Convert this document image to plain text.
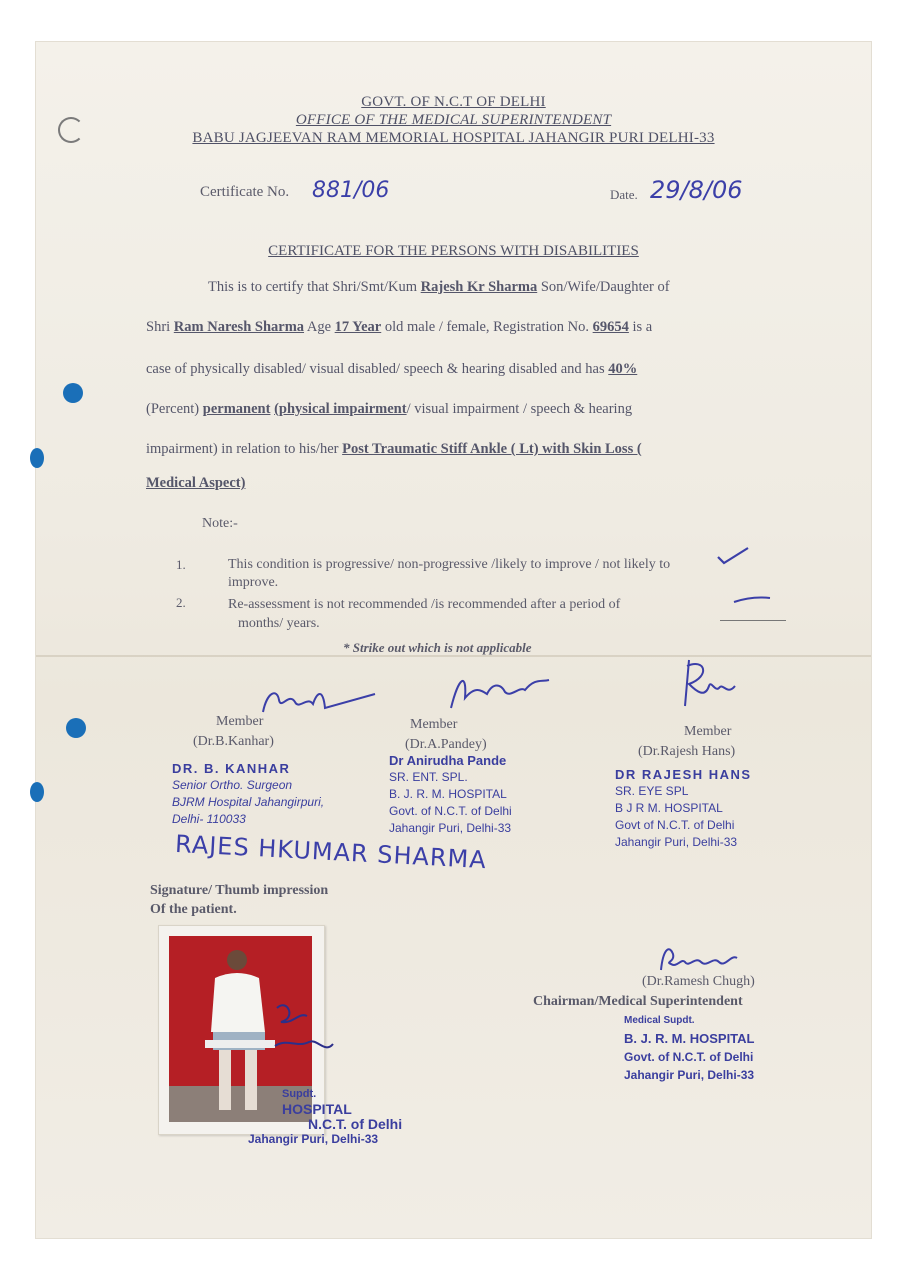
GOVT. OF N.C.T OF DELHI
OFFICE OF THE MEDICAL SUPERINTENDENT
BABU JAGJEEVAN RAM MEMORIAL HOSPITAL JAHANGIR PURI DELHI-33
Certificate No. 881/06	Date. 29/8/06
CERTIFICATE FOR THE PERSONS WITH DISABILITIES
This is to certify that Shri/Smt/Kum Rajesh Kr Sharma Son/Wife/Daughter of
Shri Ram Naresh Sharma Age 17 Year old male / female, Registration No. 69654 is a
case of physically disabled/ visual disabled/ speech & hearing disabled and has 40%
(Percent) permanent (physical impairment/ visual impairment / speech & hearing
impairment) in relation to his/her Post Traumatic Stiff Ankle ( Lt) with Skin Loss (
Medical Aspect)
Note:-
1.	This condition is progressive/ non-progressive /likely to improve / not likely to
improve.
2.	Re-assessment is not recommended /is recommended after a period of
months/ years.
* Strike out which is not applicable
Member
(Dr.B.Kanhar)
DR. B. KANHAR
Senior Ortho. Surgeon
BJRM Hospital Jahangirpuri,
Delhi- 110033
Member
(Dr.A.Pandey)
Dr Anirudha Pande
SR. ENT. SPL.
B. J. R. M. HOSPITAL
Govt. of N.C.T. of Delhi
Jahangir Puri, Delhi-33
Member
(Dr.Rajesh Hans)
DR RAJESH HANS
SR. EYE SPL
B J R M. HOSPITAL
Govt of N.C.T. of Delhi
Jahangir Puri, Delhi-33
RAJES HKUMAR SHARMA
Signature/ Thumb impression
Of the patient.
Supdt.
HOSPITAL
N.C.T. of Delhi
Jahangir Puri, Delhi-33
(Dr.Ramesh Chugh)
Chairman/Medical Superintendent
Medical Supdt.
B. J. R. M. HOSPITAL
Govt. of N.C.T. of Delhi
Jahangir Puri, Delhi-33
